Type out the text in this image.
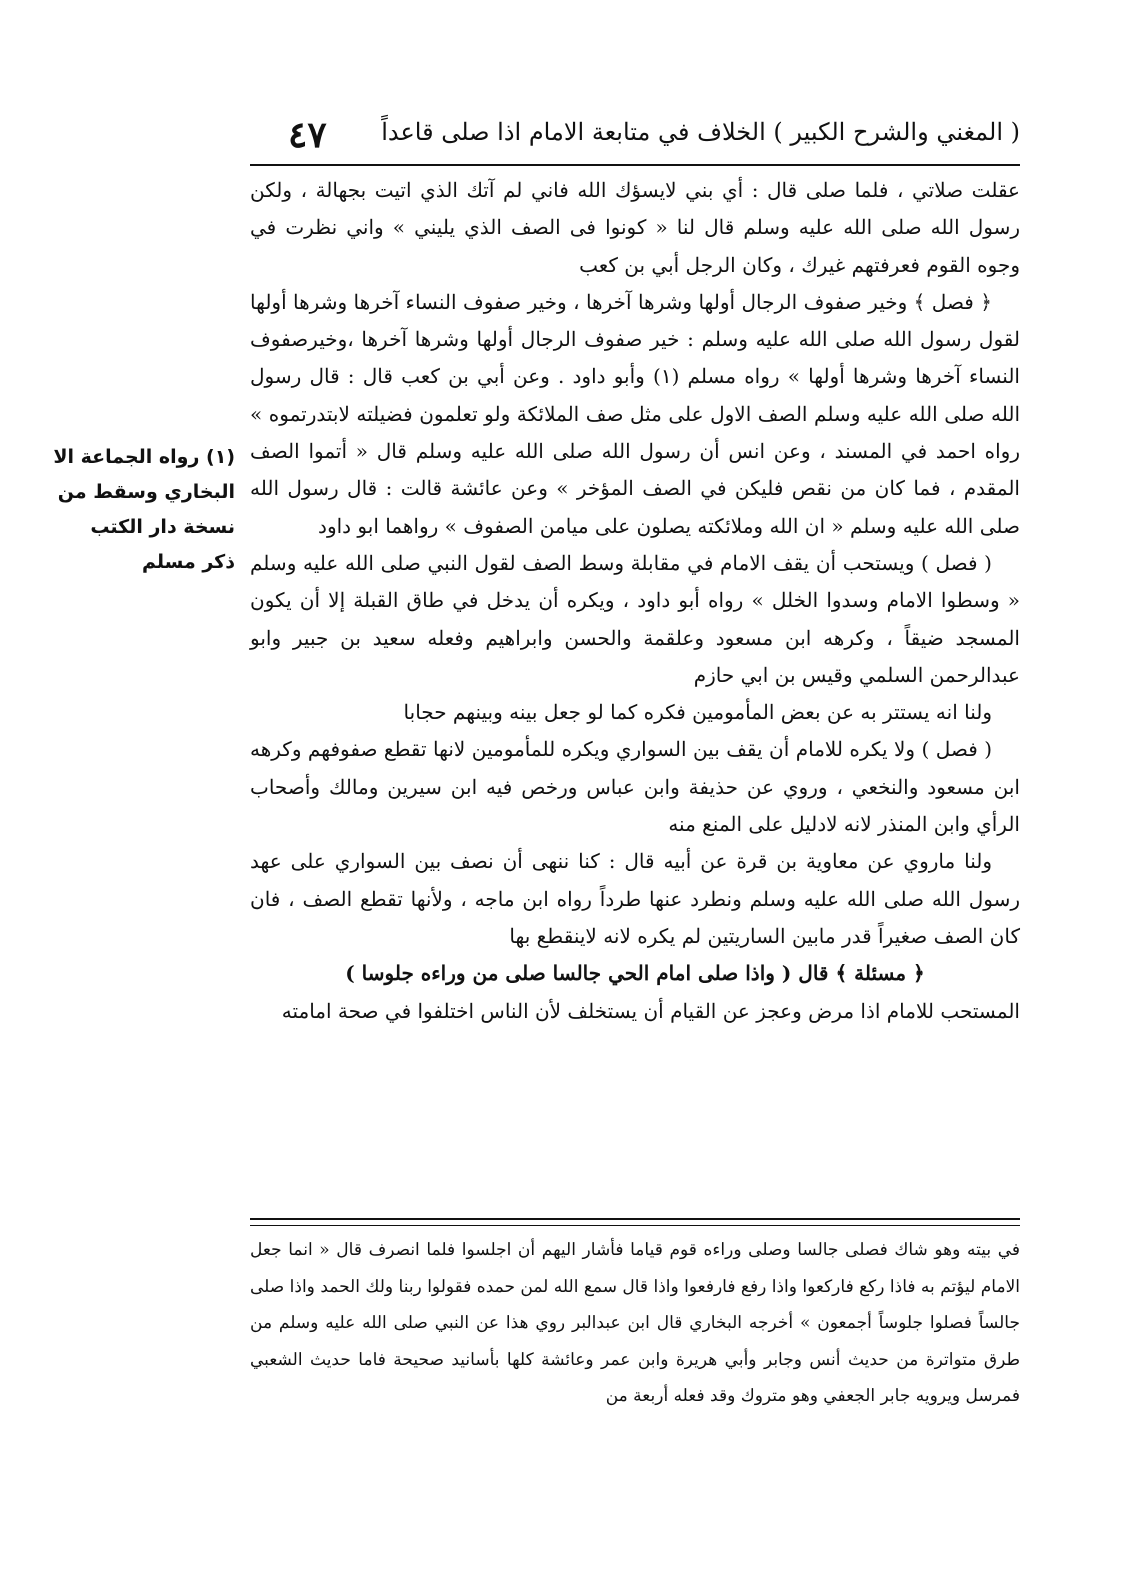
( المغني والشرح الكبير ) الخلاف في متابعة الامام اذا صلى قاعداً
٤٧

عقلت صلاتي ، فلما صلى قال : أي بني لايسؤك الله فاني لم آتك الذي اتيت بجهالة ، ولكن رسول الله صلى الله عليه وسلم قال لنا « كونوا فى الصف الذي يليني » واني نظرت في وجوه القوم فعرفتهم غيرك ، وكان الرجل أبي بن كعب

﴿ فصل ﴾ وخير صفوف الرجال أولها وشرها آخرها ، وخير صفوف النساء آخرها وشرها أولها لقول رسول الله صلى الله عليه وسلم : خير صفوف الرجال أولها وشرها آخرها ،وخيرصفوف النساء آخرها وشرها أولها » رواه مسلم (١) وأبو داود . وعن أبي بن كعب قال : قال رسول الله صلى الله عليه وسلم الصف الاول على مثل صف الملائكة ولو تعلمون فضيلته لابتدرتموه » رواه احمد في المسند ، وعن انس أن رسول الله صلى الله عليه وسلم قال « أتموا الصف المقدم ، فما كان من نقص فليكن في الصف المؤخر » وعن عائشة قالت : قال رسول الله صلى الله عليه وسلم « ان الله وملائكته يصلون على ميامن الصفوف » رواهما ابو داود

( فصل ) ويستحب أن يقف الامام في مقابلة وسط الصف لقول النبي صلى الله عليه وسلم « وسطوا الامام وسدوا الخلل » رواه أبو داود ، ويكره أن يدخل في طاق القبلة إلا أن يكون المسجد ضيقاً ، وكرهه ابن مسعود وعلقمة والحسن وابراهيم وفعله سعيد بن جبير وابو عبدالرحمن السلمي وقيس بن ابي حازم

ولنا انه يستتر به عن بعض المأمومين فكره كما لو جعل بينه وبينهم حجابا

( فصل ) ولا يكره للامام أن يقف بين السواري ويكره للمأمومين لانها تقطع صفوفهم وكرهه ابن مسعود والنخعي ، وروي عن حذيفة وابن عباس ورخص فيه ابن سيرين ومالك وأصحاب الرأي وابن المنذر لانه لادليل على المنع منه

ولنا ماروي عن معاوية بن قرة عن أبيه قال : كنا ننهى أن نصف بين السواري على عهد رسول الله صلى الله عليه وسلم ونطرد عنها طرداً رواه ابن ماجه ، ولأنها تقطع الصف ، فان كان الصف صغيراً قدر مابين الساريتين لم يكره لانه لاينقطع بها

﴿ مسئلة ﴾ قال ( واذا صلى امام الحي جالسا صلى من وراءه جلوسا )

المستحب للامام اذا مرض وعجز عن القيام أن يستخلف لأن الناس اختلفوا في صحة امامته

(١) رواه الجماعة الا
البخاري وسقط من
نسخة دار الكتب
ذكر مسلم

في بيته وهو شاك فصلى جالسا وصلى وراءه قوم قياما فأشار اليهم أن اجلسوا فلما انصرف قال « انما جعل الامام ليؤتم به فاذا ركع فاركعوا واذا رفع فارفعوا واذا قال سمع الله لمن حمده فقولوا ربنا ولك الحمد واذا صلى جالساً فصلوا جلوساً أجمعون » أخرجه البخاري قال ابن عبدالبر روي هذا عن النبي صلى الله عليه وسلم من طرق متواترة من حديث أنس وجابر وأبي هريرة وابن عمر وعائشة كلها بأسانيد صحيحة فاما حديث الشعبي فمرسل ويرويه جابر الجعفي وهو متروك وقد فعله أربعة من
